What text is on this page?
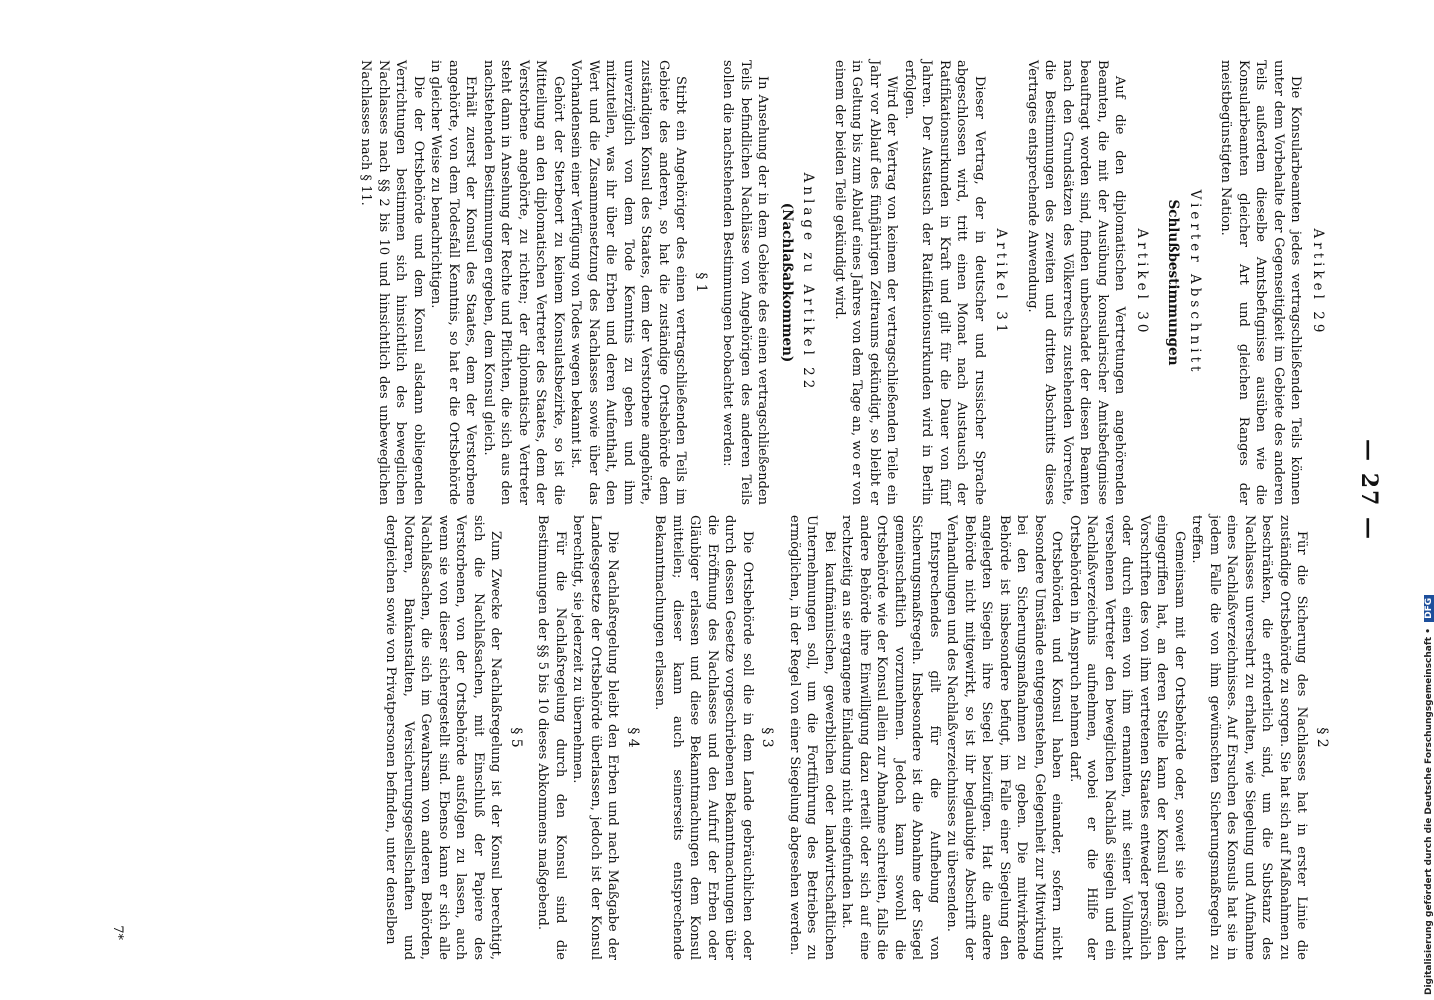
— 27 —
Artikel 29

Die Konsularbeamten jedes vertragschließenden Teils können unter dem Vorbehalte der Gegenseitigkeit im Gebiete des anderen Teils außerdem dieselbe Amtsbefugnisse ausüben wie die Konsularbeamten gleicher Art und gleichen Ranges der meistbegünstigten Nation.

Vierter Abschnitt
Schlußbestimmungen
Artikel 30

Auf die den diplomatischen Vertretungen angehörenden Beamten, die mit der Ausübung konsularischer Amtsbefugnisse beauftragt worden sind, finden unbeschadet der diesen Beamten nach den Grundsätzen des Völkerrechts zustehenden Vorrechte, die Bestimmungen des zweiten und dritten Abschnitts dieses Vertrages entsprechende Anwendung.

Artikel 31

Dieser Vertrag, der in deutscher und russischer Sprache abgeschlossen wird, tritt einen Monat nach Austausch der Ratifikationsurkunden in Kraft und gilt für die Dauer von fünf Jahren. Der Austausch der Ratifikationsurkunden wird in Berlin erfolgen.

Wird der Vertrag von keinem der vertragschließenden Teile ein Jahr vor Ablauf des fünfjährigen Zeitraums gekündigt, so bleibt er in Geltung bis zum Ablauf eines Jahres von dem Tage an, wo er von einem der beiden Teile gekündigt wird.

Anlage zu Artikel 22
(Nachlaßabkommen)

In Ansehung der in dem Gebiete des einen vertragschließenden Teils befindlichen Nachlässe von Angehörigen des anderen Teils sollen die nachstehenden Bestimmungen beobachtet werden:

§ 1

Stirbt ein Angehöriger des einen vertragschließenden Teils im Gebiete des anderen, so hat die zuständige Ortsbehörde dem zuständigen Konsul des Staates, dem der Verstorbene angehörte, unverzüglich von dem Tode Kenntnis zu geben und ihm mitzuteilen, was ihr über die Erben und deren Aufenthalt, den Wert und die Zusammensetzung des Nachlasses sowie über das Vorhandensein einer Verfügung von Todes wegen bekannt ist.

Gehört der Sterbeort zu keinem Konsulatsbezirke, so ist die Mitteilung an den diplomatischen Vertreter des Staates, dem der Verstorbene angehörte, zu richten; der diplomatische Vertreter steht dann in Ansehung der Rechte und Pflichten, die sich aus den nachstehenden Bestimmungen ergeben, dem Konsul gleich.

Erhält zuerst der Konsul des Staates, dem der Verstorbene angehörte, von dem Todesfall Kenntnis, so hat er die Ortsbehörde in gleicher Weise zu benachrichtigen.

Die der Ortsbehörde und dem Konsul alsdann obliegenden Verrichtungen bestimmen sich hinsichtlich des beweglichen Nachlasses nach §§ 2 bis 10 und hinsichtlich des unbeweglichen Nachlasses nach § 11.

§ 2

Für die Sicherung des Nachlasses hat in erster Linie die zuständige Ortsbehörde zu sorgen. Sie hat sich auf Maßnahmen zu beschränken, die erforderlich sind, um die Substanz des Nachlasses unversehrt zu erhalten, wie Siegelung und Aufnahme eines Nachlaßverzeichnisses. Auf Ersuchen des Konsuls hat sie in jedem Falle die von ihm gewünschten Sicherungsmaßregeln zu treffen.

Gemeinsam mit der Ortsbehörde oder, soweit sie noch nicht eingegriffen hat, an deren Stelle kann der Konsul gemäß den Vorschriften des von ihm vertretenen Staates entweder persönlich oder durch einen von ihm ernannten, mit seiner Vollmacht versehenen Vertreter den beweglichen Nachlaß siegeln und ein Nachlaßverzeichnis aufnehmen, wobei er die Hilfe der Ortsbehörden in Anspruch nehmen darf.

Ortsbehörden und Konsul haben einander, sofern nicht besondere Umstände entgegenstehen, Gelegenheit zur Mitwirkung bei den Sicherungsmaßnahmen zu geben. Die mitwirkende Behörde ist insbesondere befugt, im Falle einer Siegelung den angelegten Siegeln ihre Siegel beizufügen. Hat die andere Behörde nicht mitgewirkt, so ist ihr beglaubigte Abschrift der Verhandlungen und des Nachlaßverzeichnisses zu übersenden.

Entsprechendes gilt für die Aufhebung von Sicherungsmaßregeln. Insbesondere ist die Abnahme der Siegel gemeinschaftlich vorzunehmen. Jedoch kann sowohl die Ortsbehörde wie der Konsul allein zur Abnahme schreiten, falls die andere Behörde ihre Einwilligung dazu erteilt oder sich auf eine rechtzeitig an sie ergangene Einladung nicht eingefunden hat.

Bei kaufmännischen, gewerblichen oder landwirtschaftlichen Unternehmungen soll, um die Fortführung des Betriebes zu ermöglichen, in der Regel von einer Siegelung abgesehen werden.

§ 3

Die Ortsbehörde soll die in dem Lande gebräuchlichen oder durch dessen Gesetze vorgeschriebenen Bekanntmachungen über die Eröffnung des Nachlasses und den Aufruf der Erben oder Gläubiger erlassen und diese Bekanntmachungen dem Konsul mitteilen; dieser kann auch seinerseits entsprechende Bekanntmachungen erlassen.

§ 4

Die Nachlaßregelung bleibt den Erben und nach Maßgabe der Landesgesetze der Ortsbehörde überlassen, jedoch ist der Konsul berechtigt, sie jederzeit zu übernehmen.

Für die Nachlaßregelung durch den Konsul sind die Bestimmungen der §§ 5 bis 10 dieses Abkommens maßgebend.

§ 5

Zum Zwecke der Nachlaßregelung ist der Konsul berechtigt, sich die Nachlaßsachen, mit Einschluß der Papiere des Verstorbenen, von der Ortsbehörde ausfolgen zu lassen, auch wenn sie von dieser sichergestellt sind. Ebenso kann er sich alle Nachlaßsachen, die sich im Gewahrsam von anderen Behörden, Notaren, Bankanstalten, Versicherungsgesellschaften und dergleichen sowie von Privatpersonen befinden, unter denselben

7*	Digitalisierung gefördert durch die Deutsche Forschungsgemeinschaft • DFG
